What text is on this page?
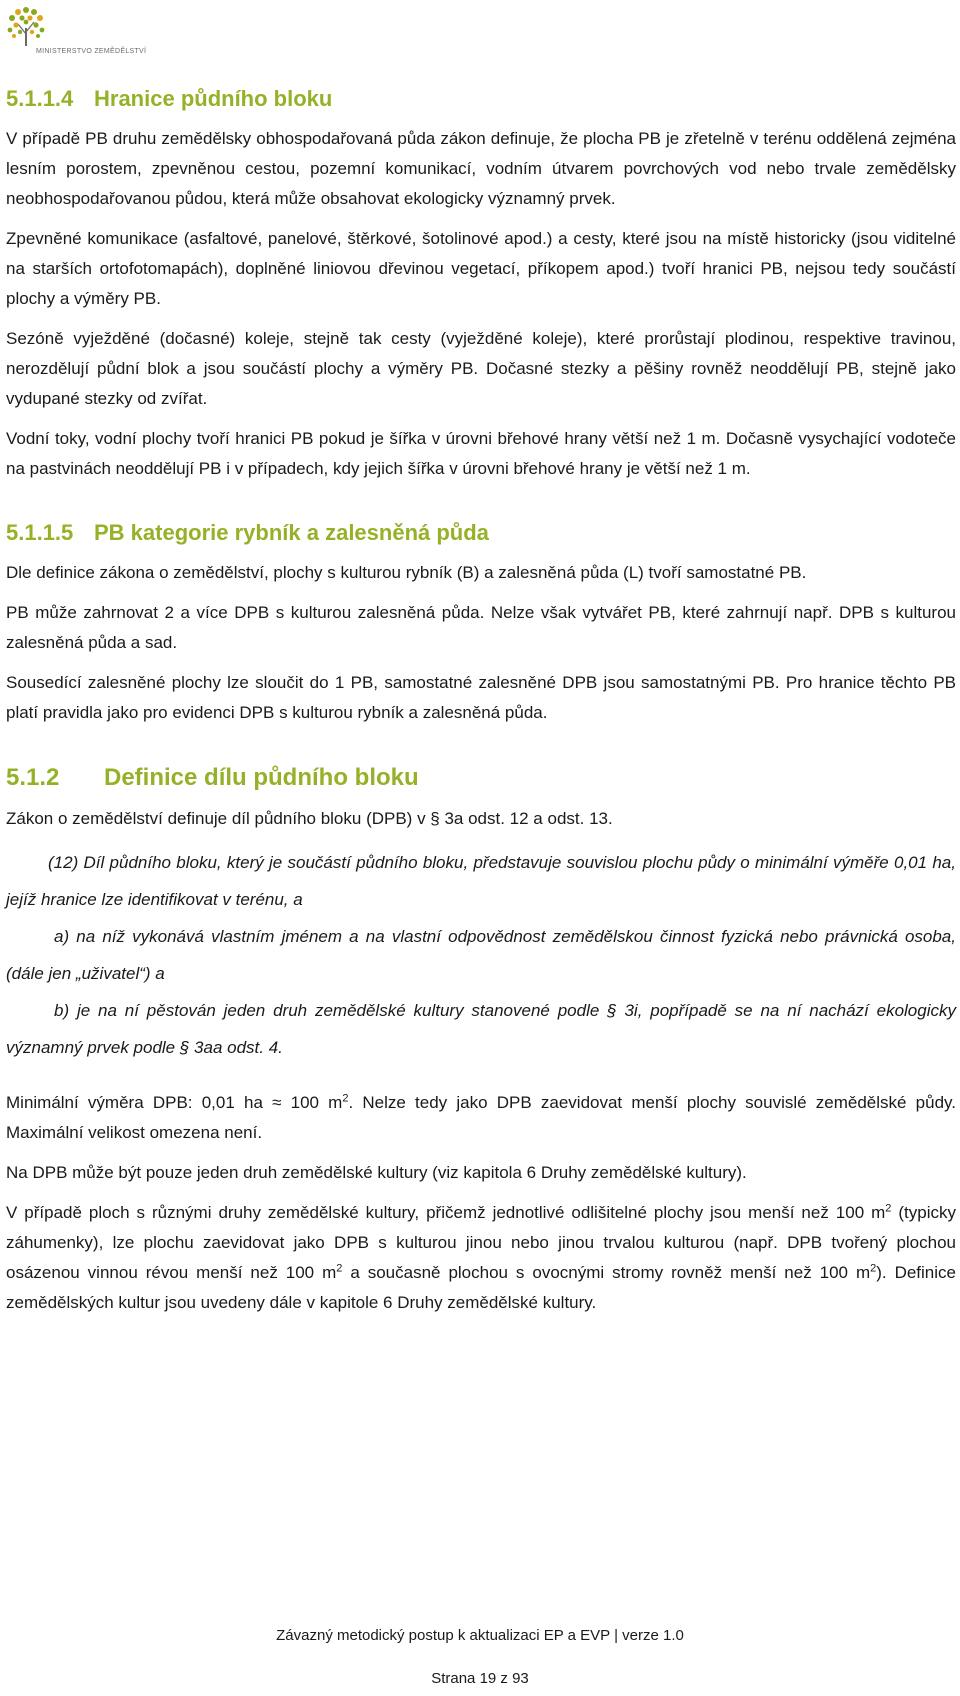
MINISTERSTVO ZEMĚDĚLSTVÍ
5.1.1.4 Hranice půdního bloku

V případě PB druhu zemědělsky obhospodařovaná půda zákon definuje, že plocha PB je zřetelně v terénu oddělená zejména lesním porostem, zpevněnou cestou, pozemní komunikací, vodním útvarem povrchových vod nebo trvale zemědělsky neobhospodařovanou půdou, která může obsahovat ekologicky významný prvek.

Zpevněné komunikace (asfaltové, panelové, štěrkové, šotolinové apod.) a cesty, které jsou na místě historicky (jsou viditelné na starších ortofotomapách), doplněné liniovou dřevinou vegetací, příkopem apod.) tvoří hranici PB, nejsou tedy součástí plochy a výměry PB.

Sezóně vyježděné (dočasné) koleje, stejně tak cesty (vyježděné koleje), které prorůstají plodinou, respektive travinou, nerozdělují půdní blok a jsou součástí plochy a výměry PB. Dočasné stezky a pěšiny rovněž neoddělují PB, stejně jako vydupané stezky od zvířat.

Vodní toky, vodní plochy tvoří hranici PB pokud je šířka v úrovni břehové hrany větší než 1 m. Dočasně vysychající vodoteče na pastvinách neoddělují PB i v případech, kdy jejich šířka v úrovni břehové hrany je větší než 1 m.

5.1.1.5 PB kategorie rybník a zalesněná půda

Dle definice zákona o zemědělství, plochy s kulturou rybník (B) a zalesněná půda (L) tvoří samostatné PB.

PB může zahrnovat 2 a více DPB s kulturou zalesněná půda. Nelze však vytvářet PB, které zahrnují např. DPB s kulturou zalesněná půda a sad.

Sousedící zalesněné plochy lze sloučit do 1 PB, samostatné zalesněné DPB jsou samostatnými PB. Pro hranice těchto PB platí pravidla jako pro evidenci DPB s kulturou rybník a zalesněná půda.

5.1.2 Definice dílu půdního bloku

Zákon o zemědělství definuje díl půdního bloku (DPB) v § 3a odst. 12 a odst. 13.

(12) Díl půdního bloku, který je součástí půdního bloku, představuje souvislou plochu půdy o minimální výměře 0,01 ha, jejíž hranice lze identifikovat v terénu, a

a) na níž vykonává vlastním jménem a na vlastní odpovědnost zemědělskou činnost fyzická nebo právnická osoba, (dále jen „uživatel“) a

b) je na ní pěstován jeden druh zemědělské kultury stanovené podle § 3i, popřípadě se na ní nachází ekologicky významný prvek podle § 3aa odst. 4.

Minimální výměra DPB: 0,01 ha ≈ 100 $m^2$. Nelze tedy jako DPB zaevidovat menší plochy souvislé zemědělské půdy. Maximální velikost omezena není.

Na DPB může být pouze jeden druh zemědělské kultury (viz kapitola 6 Druhy zemědělské kultury).

V případě ploch s různými druhy zemědělské kultury, přičemž jednotlivé odlišitelné plochy jsou menší než 100 $m^2$ (typicky záhumenky), lze plochu zaevidovat jako DPB s kulturou jinou nebo jinou trvalou kulturou (např. DPB tvořený plochou osázenou vinnou révou menší než 100 $m^2$ a současně plochou s ovocnými stromy rovněž menší než 100 $m^2$). Definice zemědělských kultur jsou uvedeny dále v kapitole 6 Druhy zemědělské kultury.

Závazný metodický postup k aktualizaci EP a EVP | verze 1.0
Strana 19 z 93
